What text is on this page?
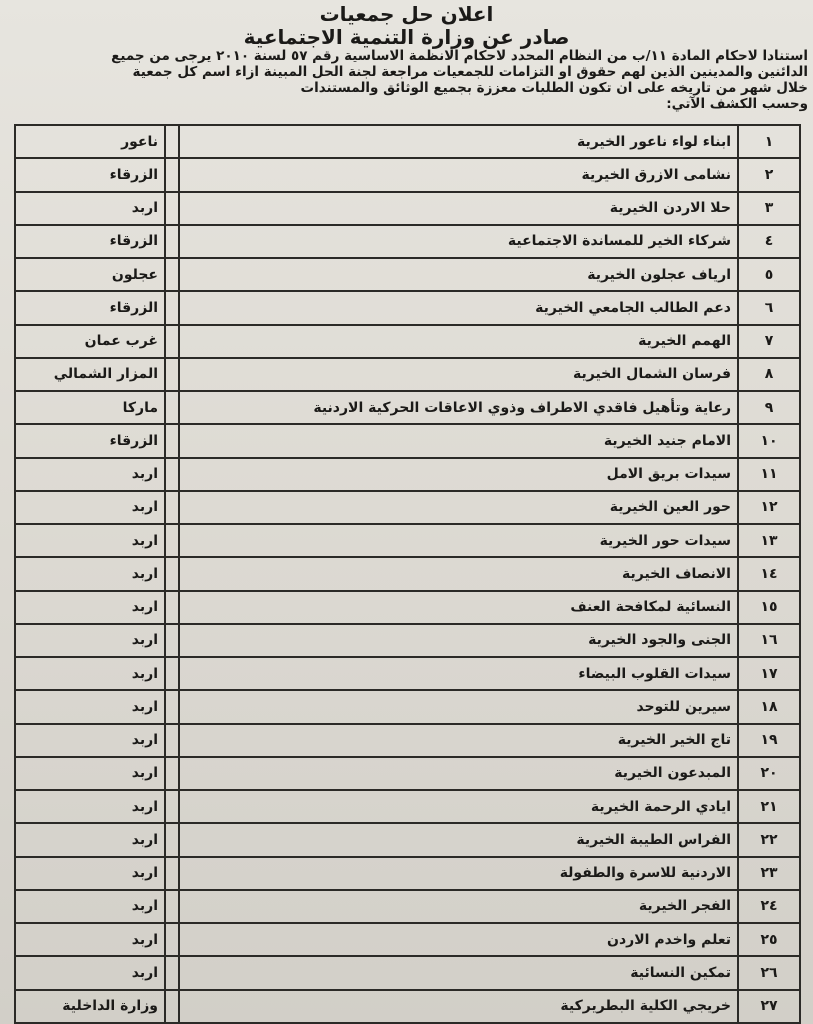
اعلان حل جمعيات
صادر عن وزارة التنمية الاجتماعية
استنادا لاحكام المادة ١١/ب من النظام المحدد لاحكام الانظمة الاساسية رقم ٥٧ لسنة ٢٠١٠ يرجى من جميع
الدائنين والمدينين الذين لهم حقوق او التزامات للجمعيات مراجعة لجنة الحل المبينة ازاء اسم كل جمعية
خلال شهر من تاريخه على ان تكون الطلبات معززة بجميع الوثائق والمستندات
وحسب الكشف الآتي:
١	ابناء لواء ناعور الخيرية		ناعور
٢	نشامى الازرق الخيرية		الزرقاء
٣	حلا الاردن الخيرية		اربد
٤	شركاء الخير للمساندة الاجتماعية		الزرقاء
٥	ارياف عجلون الخيرية		عجلون
٦	دعم الطالب الجامعي الخيرية		الزرقاء
٧	الهمم الخيرية		غرب عمان
٨	فرسان الشمال الخيرية		المزار الشمالي
٩	رعاية وتأهيل فاقدي الاطراف وذوي الاعاقات الحركية الاردنية		ماركا
١٠	الامام جنيد الخيرية		الزرقاء
١١	سيدات بريق الامل		اربد
١٢	حور العين الخيرية		اربد
١٣	سيدات حور الخيرية		اربد
١٤	الانصاف الخيرية		اربد
١٥	النسائية لمكافحة العنف		اربد
١٦	الجنى والجود الخيرية		اربد
١٧	سيدات القلوب البيضاء		اربد
١٨	سيرين للتوحد		اربد
١٩	تاج الخير الخيرية		اربد
٢٠	المبدعون الخيرية		اربد
٢١	ايادي الرحمة الخيرية		اربد
٢٢	الفراس الطيبة الخيرية		اربد
٢٣	الاردنية للاسرة والطفولة		اربد
٢٤	الفجر الخيرية		اربد
٢٥	تعلم واخدم الاردن		اربد
٢٦	تمكين النسائية		اربد
٢٧	خريجي الكلية البطريركية		وزارة الداخلية
